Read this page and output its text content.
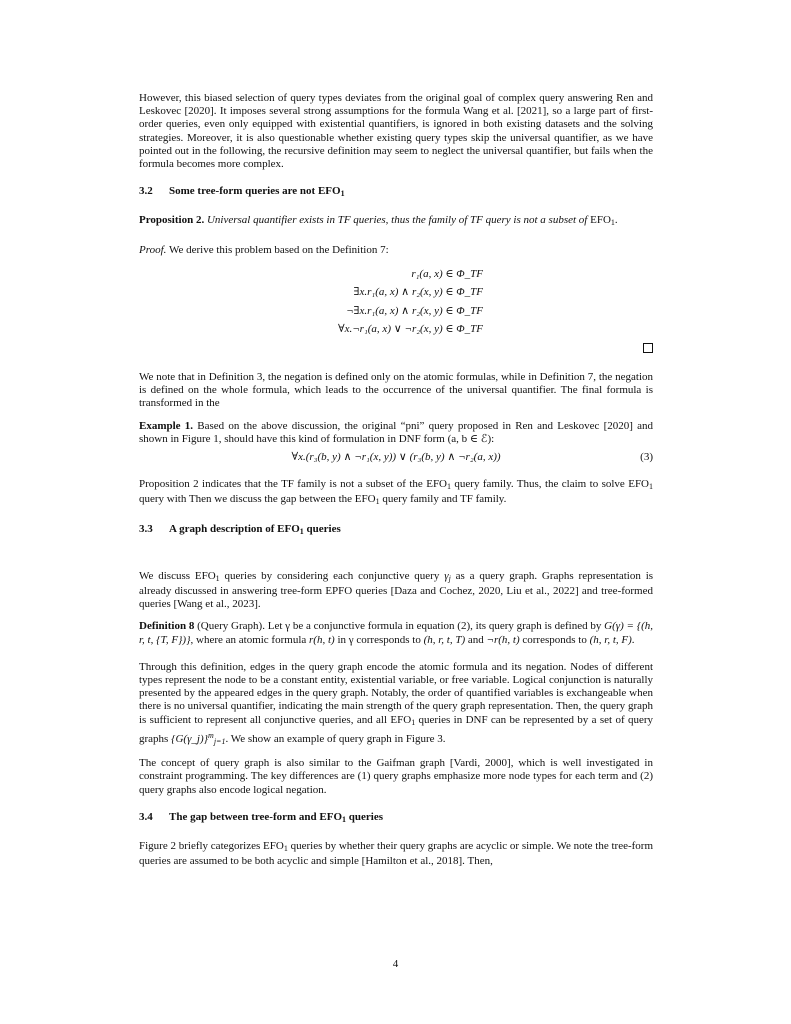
However, this biased selection of query types deviates from the original goal of complex query answering Ren and Leskovec [2020]. It imposes several strong assumptions for the formula Wang et al. [2021], so a large part of first-order queries, even only equipped with existential quantifiers, is ignored in both existing datasets and the solving strategies. Moreover, it is also questionable whether existing query types skip the universal quantifier, as we have pointed out in the following, the recursive definition may seem to neglect the universal quantifier, but fails when the formula becomes more complex.

3.2 Some tree-form queries are not $EFO_1$

Proposition 2. Universal quantifier exists in TF queries, thus the family of TF query is not a subset of $EFO_1$.

Proof. We derive this problem based on the Definition 7:

r₁(a, x) ∈ Φ_TF
∃x.r₁(a, x) ∧ r₂(x, y) ∈ Φ_TF
¬∃x.r₁(a, x) ∧ r₂(x, y) ∈ Φ_TF
∀x.¬r₁(a, x) ∨ ¬r₂(x, y) ∈ Φ_TF

We note that in Definition 3, the negation is defined only on the atomic formulas, while in Definition 7, the negation is defined on the whole formula, which leads to the occurrence of the universal quantifier. The final formula is transformed in the

Example 1. Based on the above discussion, the original “pni” query proposed in Ren and Leskovec [2020] and shown in Figure 1, should have this kind of formulation in DNF form (a, b ∈ ℰ):

∀x.(r₃(b, y) ∧ ¬r₁(x, y)) ∨ (r₃(b, y) ∧ ¬r₂(a, x))	(3)

Proposition 2 indicates that the TF family is not a subset of the $EFO_1$ query family. Thus, the claim to solve $EFO_1$ query with Then we discuss the gap between the $EFO_1$ query family and TF family.

3.3 A graph description of $EFO_1$ queries

We discuss $EFO_1$ queries by considering each conjunctive query $\gamma_j$ as a query graph. Graphs representation is already discussed in answering tree-form EPFO queries [Daza and Cochez, 2020, Liu et al., 2022] and tree-formed queries [Wang et al., 2023].

Definition 8 (Query Graph). Let γ be a conjunctive formula in equation (2), its query graph is defined by G(γ) = {(h, r, t, {T, F})}, where an atomic formula r(h, t) in γ corresponds to (h, r, t, T) and ¬r(h, t) corresponds to (h, r, t, F).

Through this definition, edges in the query graph encode the atomic formula and its negation. Nodes of different types represent the node to be a constant entity, existential variable, or free variable. Logical conjunction is naturally presented by the appeared edges in the query graph. Notably, the order of quantified variables is exchangeable when there is no universal quantifier, indicating the main strength of the query graph representation. Then, the query graph is sufficient to represent all conjunctive queries, and all $EFO_1$ queries in DNF can be represented by a set of query graphs {G(γ_j)}$^m_{j=1}$. We show an example of query graph in Figure 3.

The concept of query graph is also similar to the Gaifman graph [Vardi, 2000], which is well investigated in constraint programming. The key differences are (1) query graphs emphasize more node types for each term and (2) query graphs also encode logical negation.

3.4 The gap between tree-form and $EFO_1$ queries

Figure 2 briefly categorizes $EFO_1$ queries by whether their query graphs are acyclic or simple. We note the tree-form queries are assumed to be both acyclic and simple [Hamilton et al., 2018]. Then,

4
